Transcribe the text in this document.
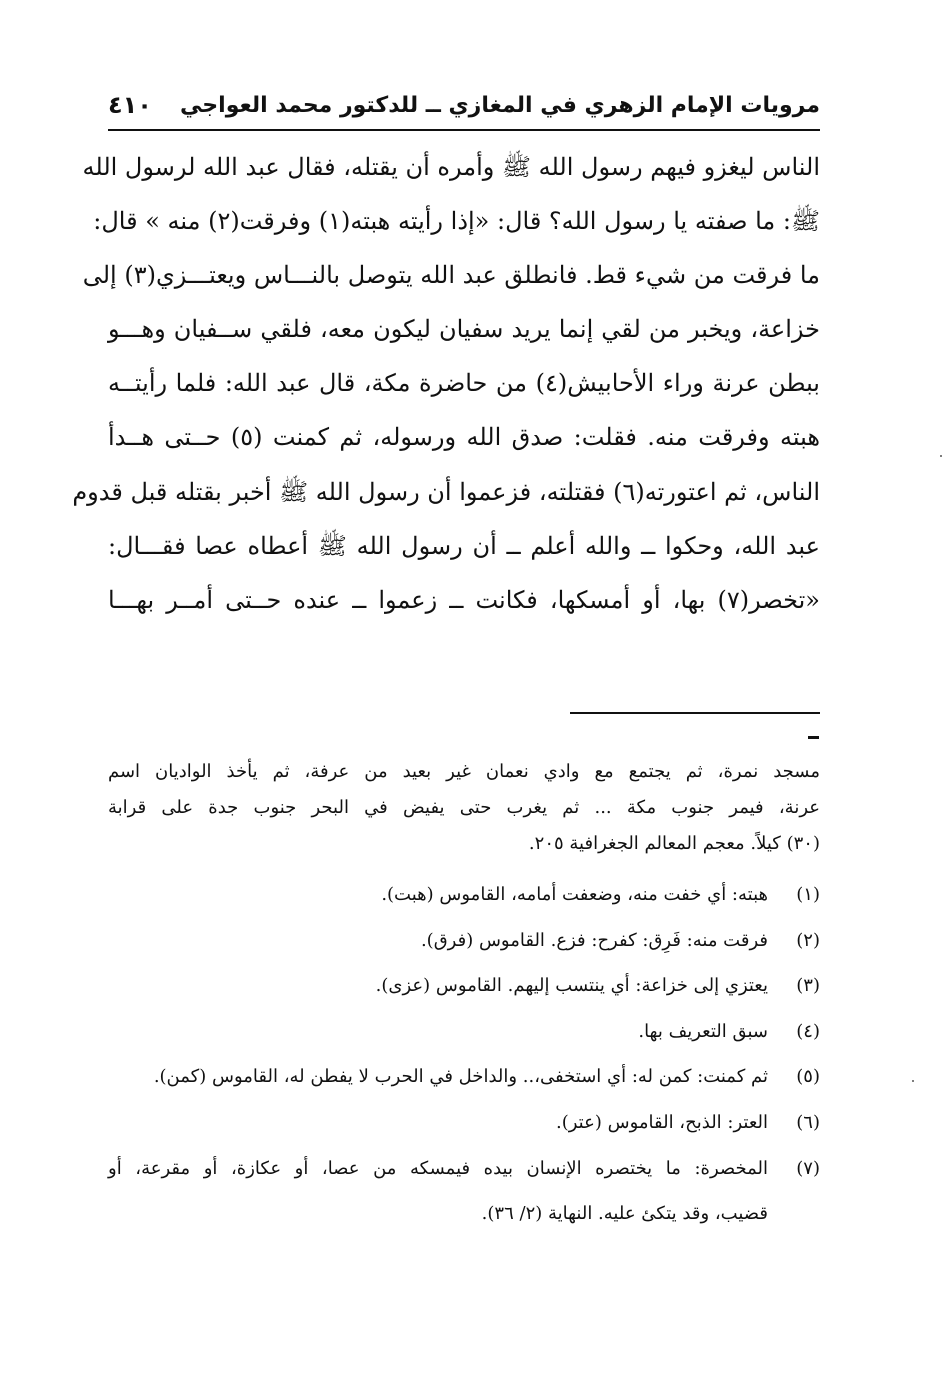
مرويات الإمام الزهري في المغازي ــ للدكتور محمد العواجي
٤١٠
الناس ليغزو فيهم رسول الله ﷺ وأمره أن يقتله، فقال عبد الله لرسول الله
ﷺ: ما صفته يا رسول الله؟ قال: «إذا رأيته هبته(١) وفرقت(٢) منه » قال:
ما فرقت من شيء قط. فانطلق عبد الله يتوصل بالنـــاس ويعتـــزي(٣) إلى
خزاعة، ويخبر من لقي إنما يريد سفيان ليكون معه، فلقي ســفيان وهـــو
ببطن عرنة وراء الأحابيش(٤) من حاضرة مكة، قال عبد الله: فلما رأيتــه
هبته وفرقت منه. فقلت: صدق الله ورسوله، ثم كمنت (٥) حــتى هــدأ
الناس، ثم اعتورته(٦) فقتلته، فزعموا أن رسول الله ﷺ أخبر بقتله قبل قدوم
عبد الله، وحكوا ــ والله أعلم ــ أن رسول الله ﷺ أعطاه عصا فقـــال:
«تخصر(٧) بها، أو أمسكها، فكانت ــ زعموا ــ عنده حــتى أمــر بهـــا
مسجد نمرة، ثم يجتمع مع وادي نعمان غير بعيد من عرفة، ثم يأخذ الواديان اسم
عرنة، فيمر جنوب مكة ... ثم يغرب حتى يفيض في البحر جنوب جدة على قرابة
(٣٠) كيلاً. معجم المعالم الجغرافية ٢٠٥.
(١)
هبته: أي خفت منه، وضعفت أمامه، القاموس (هبت).
(٢)
فرقت منه: فَرِق: كفرح: فزع. القاموس (فرق).
(٣)
يعتزي إلى خزاعة: أي ينتسب إليهم. القاموس (عزى).
(٤)
سبق التعريف بها.
(٥)
ثم كمنت: كمن له: أي استخفى،.. والداخل في الحرب لا يفطن له، القاموس (كمن).
(٦)
العتر: الذبح، القاموس (عتر).
(٧)
المخصرة: ما يختصره الإنسان بيده فيمسكه من عصا، أو عكازة، أو مقرعة، أو
قضيب، وقد يتكئ عليه. النهاية (٢/ ٣٦).
